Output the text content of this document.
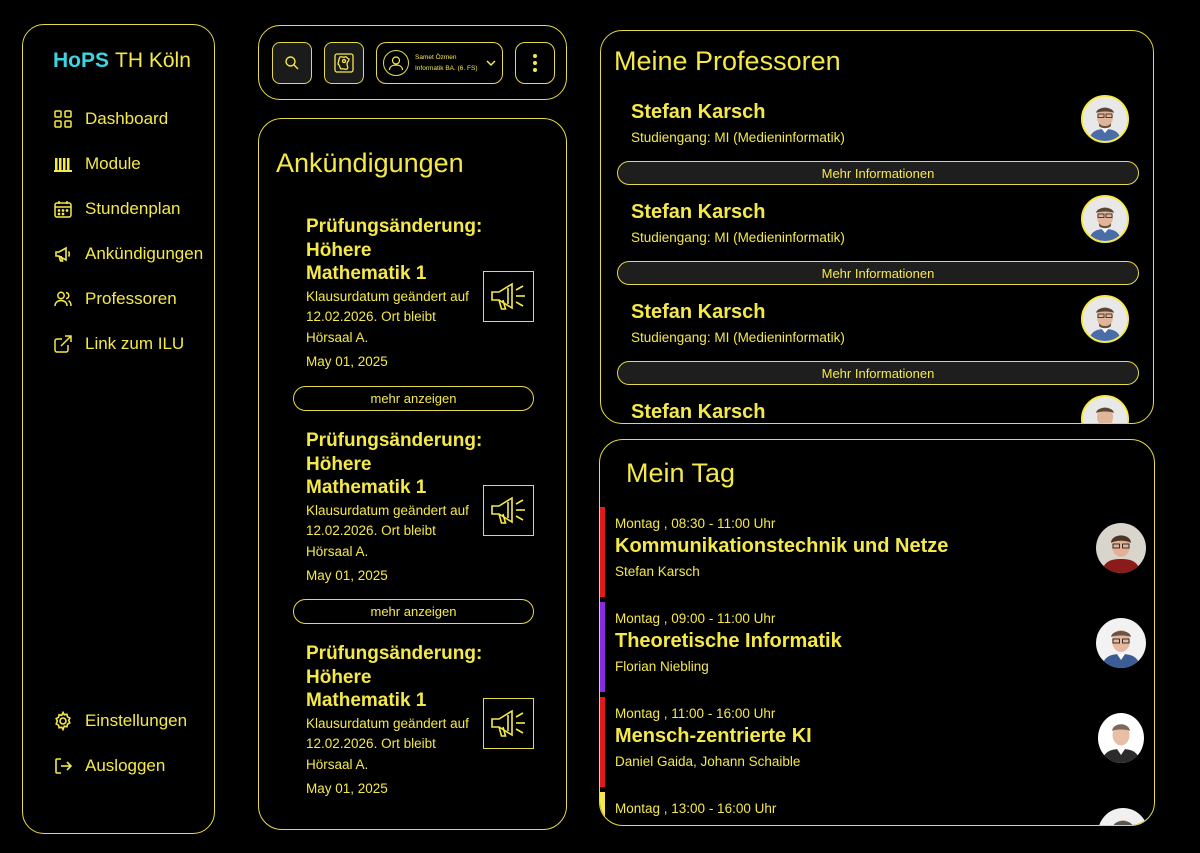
HoPS TH Köln
Dashboard
Module
Stundenplan
Ankündigungen
Professoren
Link zum ILU
Einstellungen
Ausloggen
Samet Özmen
Informatik BA. (6. FS)
Ankündigungen
Prüfungsänderung: Höhere Mathematik 1
Klausurdatum geändert auf 12.02.2026. Ort bleibt Hörsaal A.
May 01, 2025
mehr anzeigen
Prüfungsänderung: Höhere Mathematik 1
Klausurdatum geändert auf 12.02.2026. Ort bleibt Hörsaal A.
May 01, 2025
mehr anzeigen
Prüfungsänderung: Höhere Mathematik 1
Klausurdatum geändert auf 12.02.2026. Ort bleibt Hörsaal A.
May 01, 2025
Meine Professoren
Stefan Karsch
Studiengang: MI (Medieninformatik)
Mehr Informationen
Stefan Karsch
Studiengang: MI (Medieninformatik)
Mehr Informationen
Stefan Karsch
Studiengang: MI (Medieninformatik)
Mehr Informationen
Stefan Karsch
Mein Tag
Montag , 08:30 - 11:00 Uhr
Kommunikationstechnik und Netze
Stefan Karsch
Montag , 09:00 - 11:00 Uhr
Theoretische Informatik
Florian Niebling
Montag , 11:00 - 16:00 Uhr
Mensch-zentrierte KI
Daniel Gaida, Johann Schaible
Montag , 13:00 - 16:00 Uhr
